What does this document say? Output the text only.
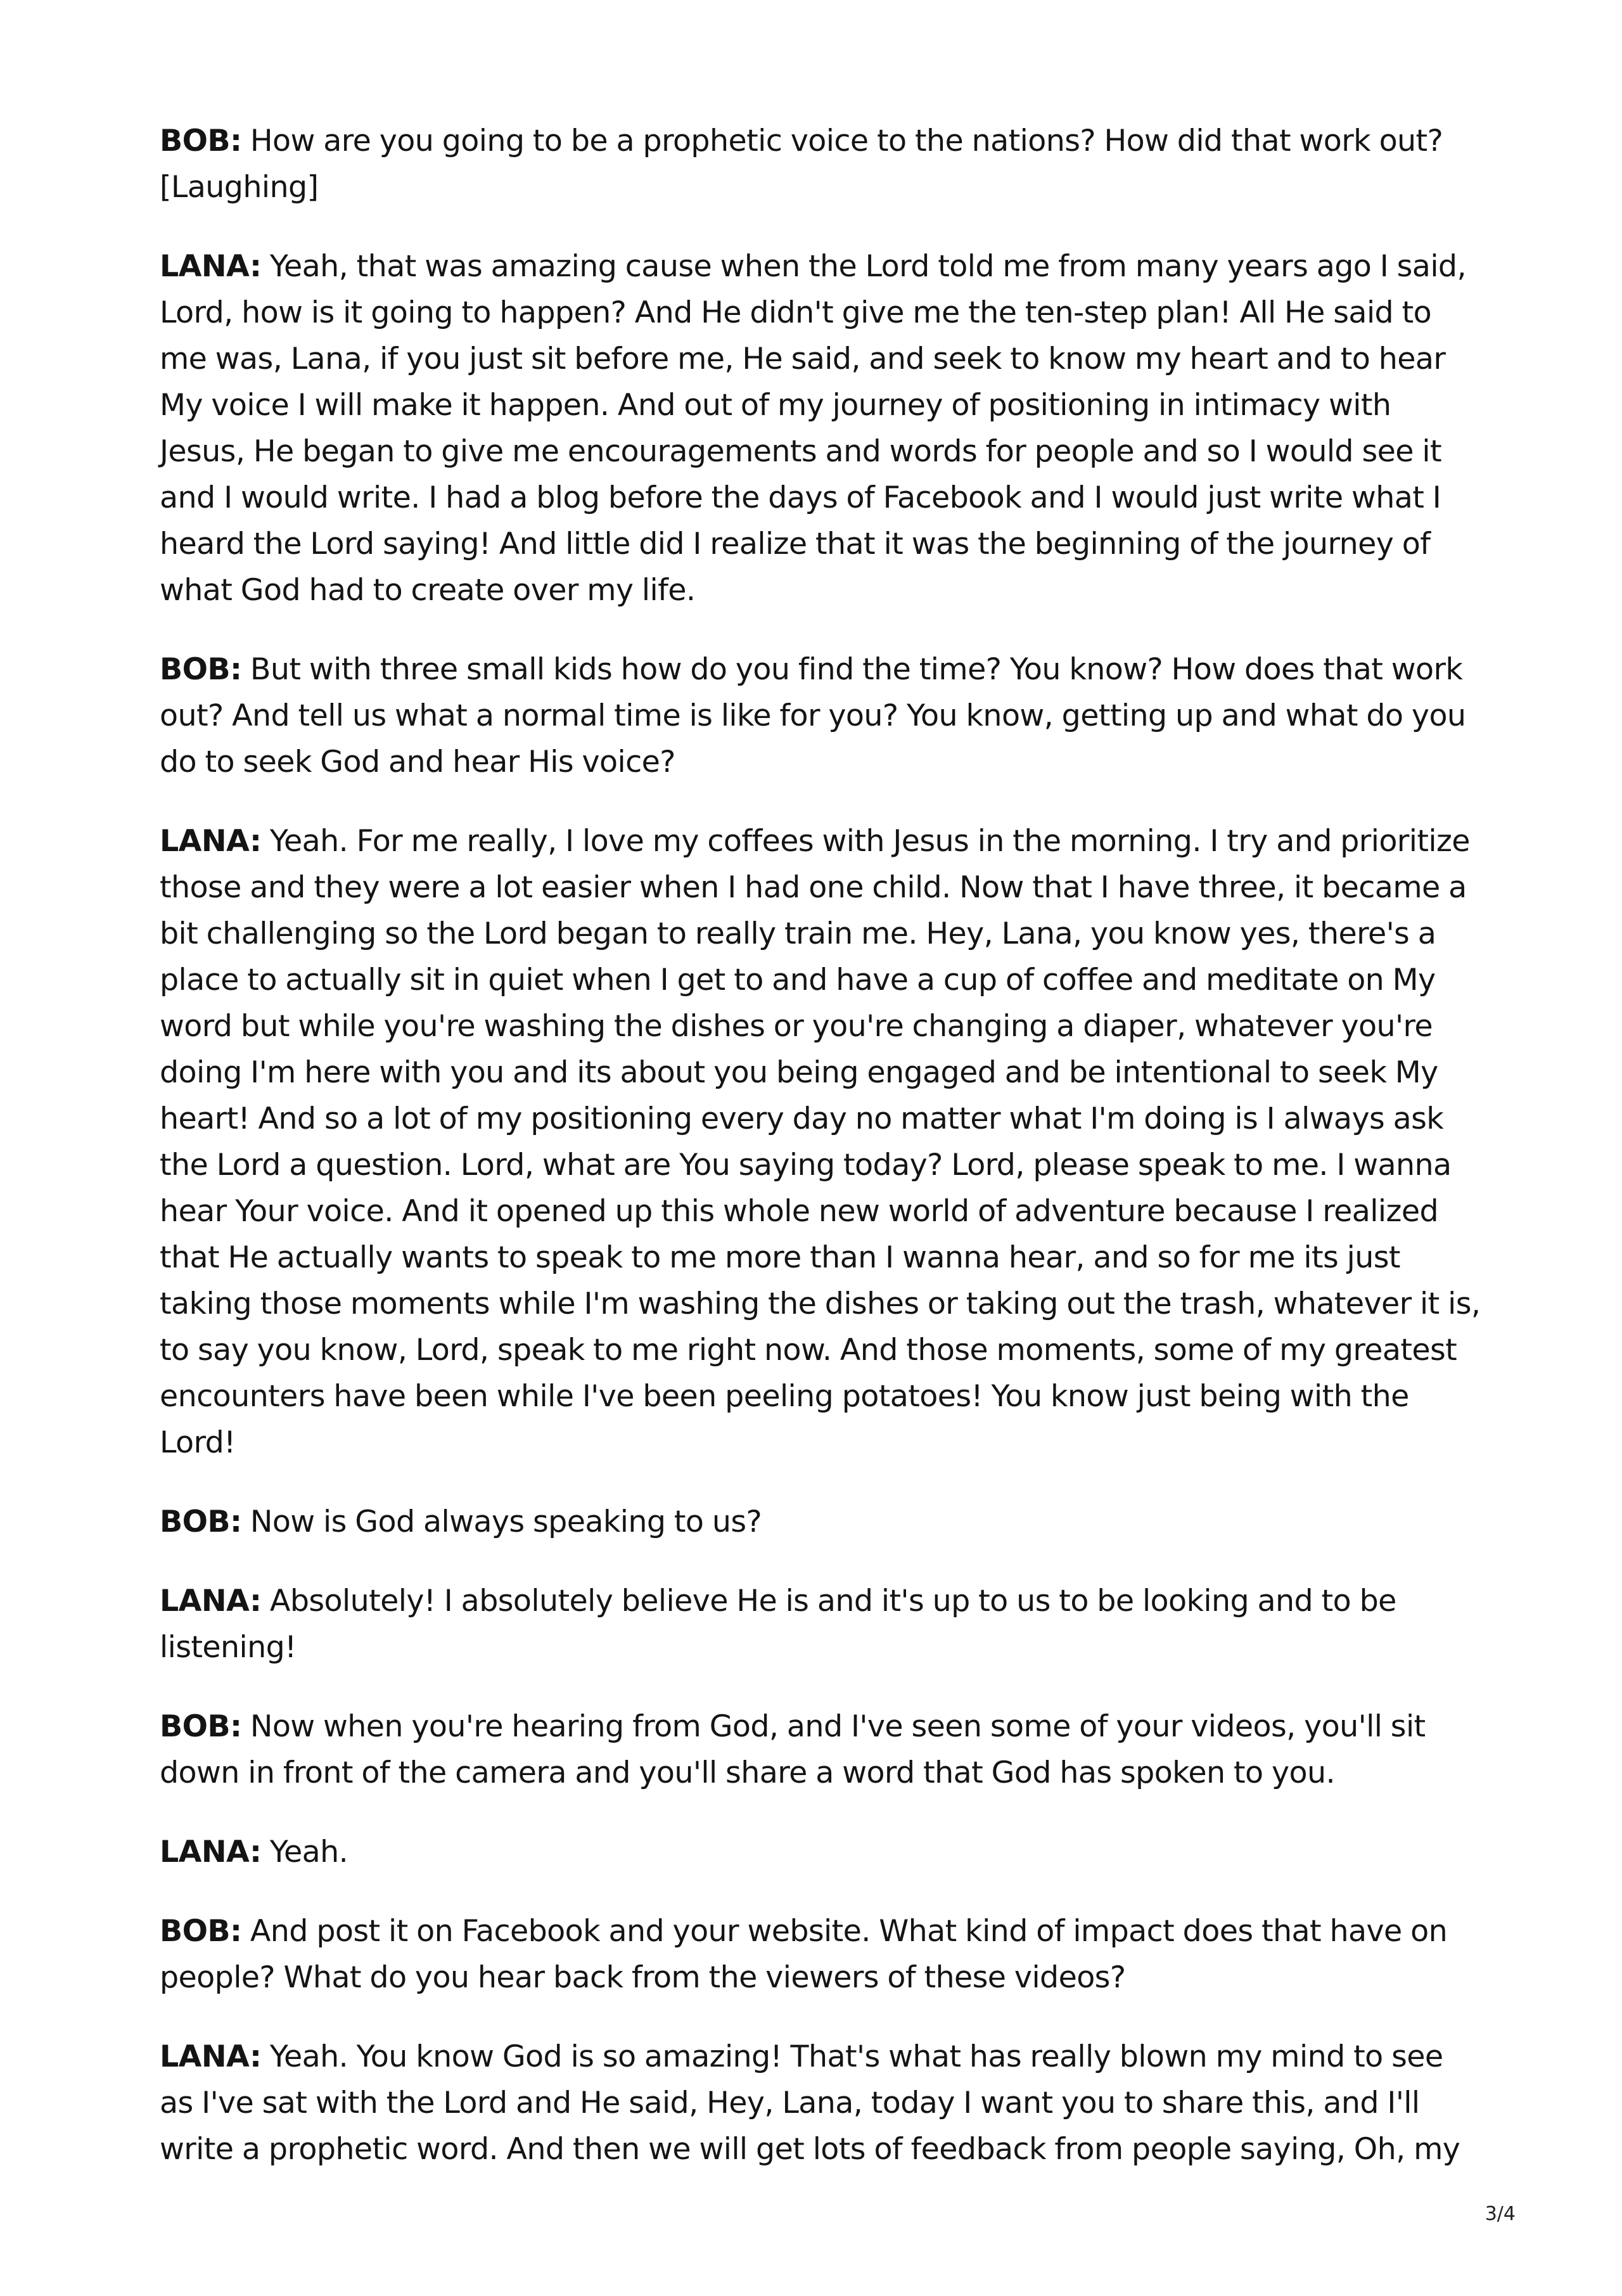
BOB: How are you going to be a prophetic voice to the nations? How did that work out? [Laughing]

LANA: Yeah, that was amazing cause when the Lord told me from many years ago I said, Lord, how is it going to happen? And He didn't give me the ten-step plan! All He said to me was, Lana, if you just sit before me, He said, and seek to know my heart and to hear My voice I will make it happen. And out of my journey of positioning in intimacy with Jesus, He began to give me encouragements and words for people and so I would see it and I would write. I had a blog before the days of Facebook and I would just write what I heard the Lord saying! And little did I realize that it was the beginning of the journey of what God had to create over my life.

BOB: But with three small kids how do you find the time? You know? How does that work out? And tell us what a normal time is like for you? You know, getting up and what do you do to seek God and hear His voice?

LANA: Yeah. For me really, I love my coffees with Jesus in the morning. I try and prioritize those and they were a lot easier when I had one child. Now that I have three, it became a bit challenging so the Lord began to really train me. Hey, Lana, you know yes, there's a place to actually sit in quiet when I get to and have a cup of coffee and meditate on My word but while you're washing the dishes or you're changing a diaper, whatever you're doing I'm here with you and its about you being engaged and be intentional to seek My heart! And so a lot of my positioning every day no matter what I'm doing is I always ask the Lord a question. Lord, what are You saying today? Lord, please speak to me. I wanna hear Your voice. And it opened up this whole new world of adventure because I realized that He actually wants to speak to me more than I wanna hear, and so for me its just taking those moments while I'm washing the dishes or taking out the trash, whatever it is, to say you know, Lord, speak to me right now. And those moments, some of my greatest encounters have been while I've been peeling potatoes! You know just being with the Lord!

BOB: Now is God always speaking to us?

LANA: Absolutely! I absolutely believe He is and it's up to us to be looking and to be listening!

BOB: Now when you're hearing from God, and I've seen some of your videos, you'll sit down in front of the camera and you'll share a word that God has spoken to you.

LANA: Yeah.

BOB: And post it on Facebook and your website. What kind of impact does that have on people? What do you hear back from the viewers of these videos?

LANA: Yeah. You know God is so amazing! That's what has really blown my mind to see as I've sat with the Lord and He said, Hey, Lana, today I want you to share this, and I'll write a prophetic word. And then we will get lots of feedback from people saying, Oh, my

3/4
